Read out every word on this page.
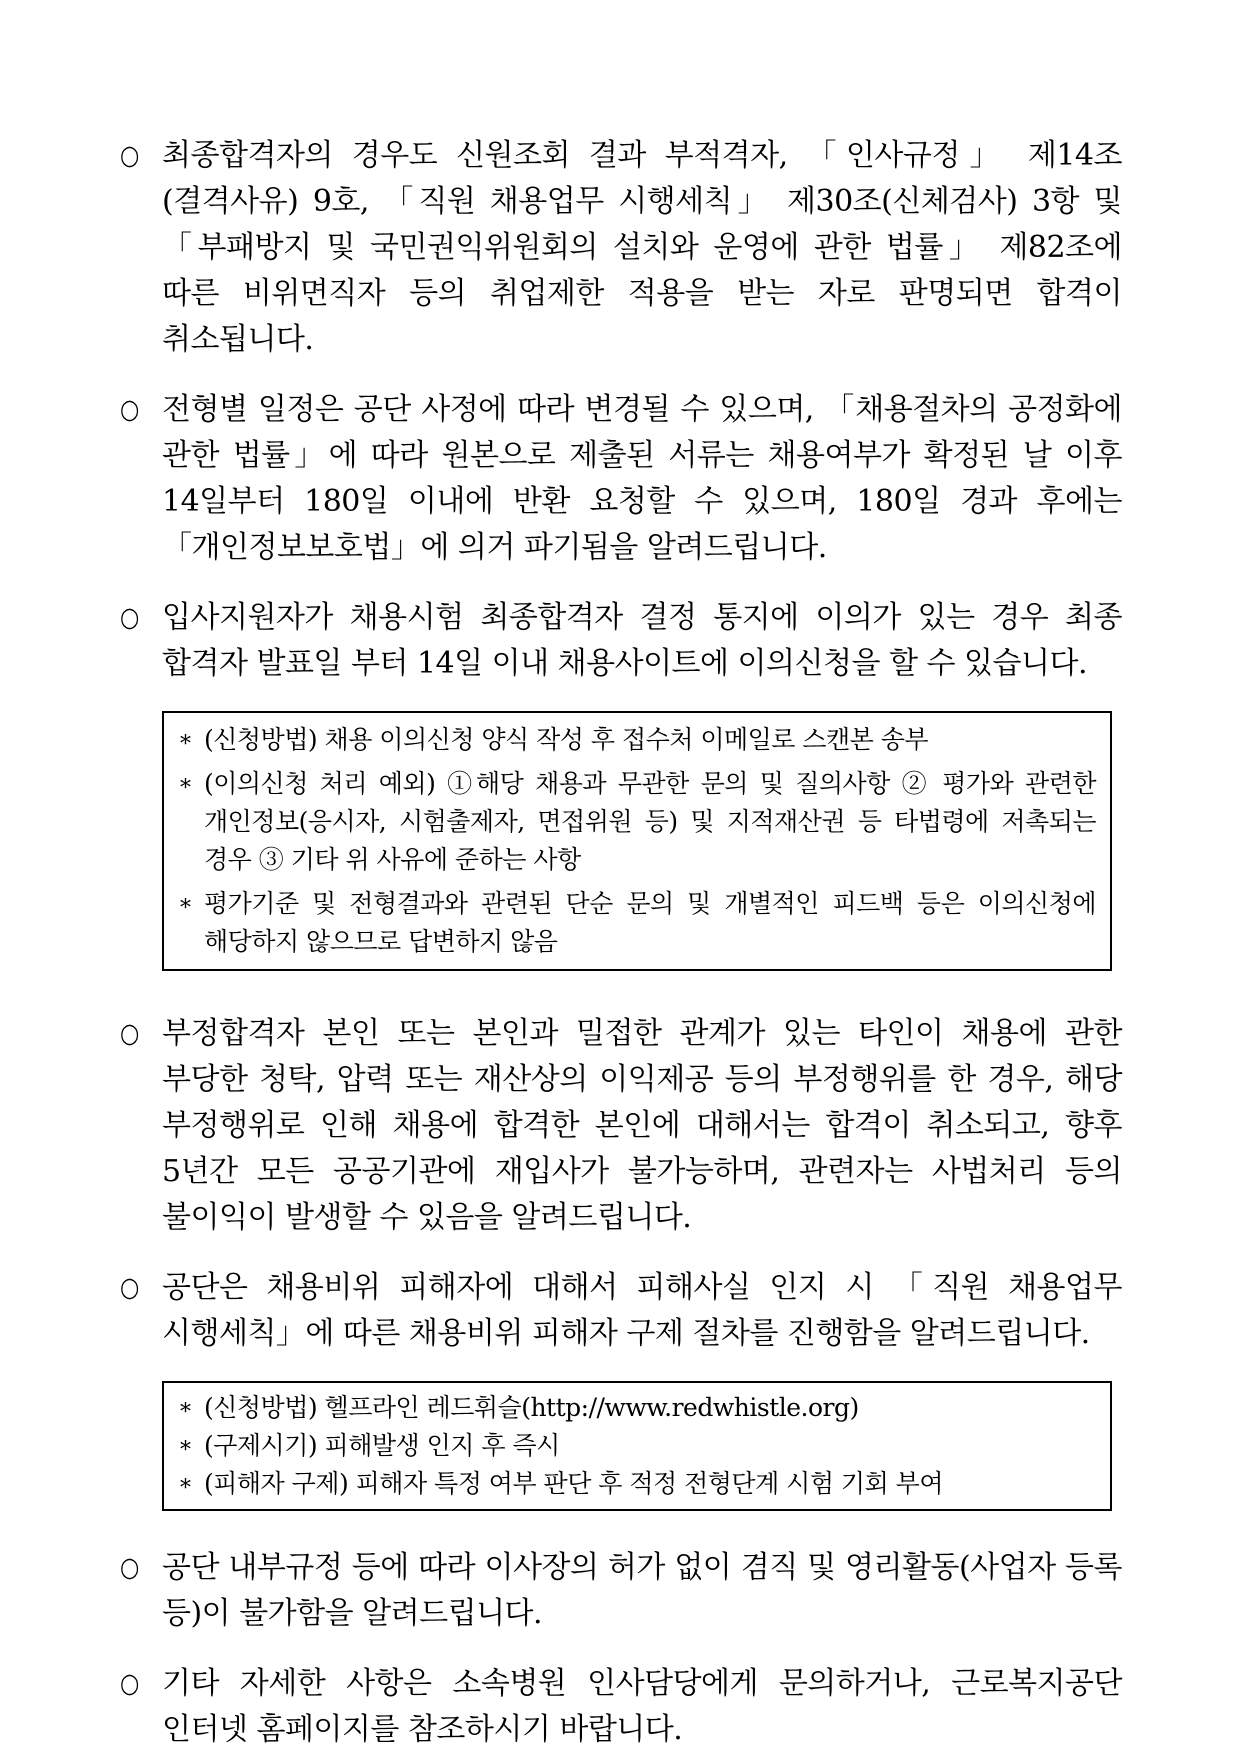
○ 최종합격자의 경우도 신원조회 결과 부적격자, 「인사규정」 제14조(결격사유) 9호, 「직원 채용업무 시행세칙」 제30조(신체검사) 3항 및 「부패방지 및 국민권익위원회의 설치와 운영에 관한 법률」 제82조에 따른 비위면직자 등의 취업제한 적용을 받는 자로 판명되면 합격이 취소됩니다.
○ 전형별 일정은 공단 사정에 따라 변경될 수 있으며, 「채용절차의 공정화에 관한 법률」에 따라 원본으로 제출된 서류는 채용여부가 확정된 날 이후 14일부터 180일 이내에 반환 요청할 수 있으며, 180일 경과 후에는 「개인정보보호법」에 의거 파기됨을 알려드립니다.
○ 입사지원자가 채용시험 최종합격자 결정 통지에 이의가 있는 경우 최종 합격자 발표일 부터 14일 이내 채용사이트에 이의신청을 할 수 있습니다.
* (신청방법) 채용 이의신청 양식 작성 후 접수처 이메일로 스캔본 송부
* (이의신청 처리 예외) ①해당 채용과 무관한 문의 및 질의사항 ② 평가와 관련한 개인정보(응시자, 시험출제자, 면접위원 등) 및 지적재산권 등 타법령에 저촉되는 경우 ③ 기타 위 사유에 준하는 사항
* 평가기준 및 전형결과와 관련된 단순 문의 및 개별적인 피드백 등은 이의신청에 해당하지 않으므로 답변하지 않음
○ 부정합격자 본인 또는 본인과 밀접한 관계가 있는 타인이 채용에 관한 부당한 청탁, 압력 또는 재산상의 이익제공 등의 부정행위를 한 경우, 해당 부정행위로 인해 채용에 합격한 본인에 대해서는 합격이 취소되고, 향후 5년간 모든 공공기관에 재입사가 불가능하며, 관련자는 사법처리 등의 불이익이 발생할 수 있음을 알려드립니다.
○ 공단은 채용비위 피해자에 대해서 피해사실 인지 시 「직원 채용업무 시행세칙」에 따른 채용비위 피해자 구제 절차를 진행함을 알려드립니다.
* (신청방법) 헬프라인 레드휘슬(http://www.redwhistle.org)
* (구제시기) 피해발생 인지 후 즉시
* (피해자 구제) 피해자 특정 여부 판단 후 적정 전형단계 시험 기회 부여
○ 공단 내부규정 등에 따라 이사장의 허가 없이 겸직 및 영리활동(사업자 등록 등)이 불가함을 알려드립니다.
○ 기타 자세한 사항은 소속병원 인사담당에게 문의하거나, 근로복지공단 인터넷 홈페이지를 참조하시기 바랍니다.
